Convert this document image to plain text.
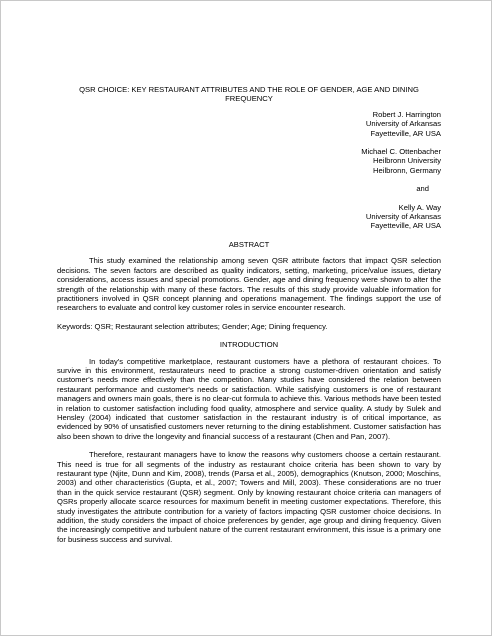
QSR CHOICE: KEY RESTAURANT ATTRIBUTES AND THE ROLE OF GENDER, AGE AND DINING FREQUENCY
Robert J. Harrington
University of Arkansas
Fayetteville, AR USA
Michael C. Ottenbacher
Heilbronn University
Heilbronn, Germany
and
Kelly A. Way
University of Arkansas
Fayetteville, AR USA
ABSTRACT

This study examined the relationship among seven QSR attribute factors that impact QSR selection decisions. The seven factors are described as quality indicators, setting, marketing, price/value issues, dietary considerations, access issues and special promotions. Gender, age and dining frequency were shown to alter the strength of the relationship with many of these factors. The results of this study provide valuable information for practitioners involved in QSR concept planning and operations management. The findings support the use of researchers to evaluate and control key customer roles in service encounter research.

Keywords: QSR; Restaurant selection attributes; Gender; Age; Dining frequency.
INTRODUCTION

In today's competitive marketplace, restaurant customers have a plethora of restaurant choices. To survive in this environment, restaurateurs need to practice a strong customer-driven orientation and satisfy customer's needs more effectively than the competition. Many studies have considered the relation between restaurant performance and customer's needs or satisfaction. While satisfying customers is one of restaurant managers and owners main goals, there is no clear-cut formula to achieve this. Various methods have been tested in relation to customer satisfaction including food quality, atmosphere and service quality. A study by Sulek and Hensley (2004) indicated that customer satisfaction in the restaurant industry is of critical importance, as evidenced by 90% of unsatisfied customers never returning to the dining establishment. Customer satisfaction has also been shown to drive the longevity and financial success of a restaurant (Chen and Pan, 2007).

Therefore, restaurant managers have to know the reasons why customers choose a certain restaurant. This need is true for all segments of the industry as restaurant choice criteria has been shown to vary by restaurant type (Njite, Dunn and Kim, 2008), trends (Parsa et al., 2005), demographics (Knutson, 2000; Moschins, 2003) and other characteristics (Gupta, et al., 2007; Towers and Mill, 2003). These considerations are no truer than in the quick service restaurant (QSR) segment. Only by knowing restaurant choice criteria can managers of QSRs properly allocate scarce resources for maximum benefit in meeting customer expectations. Therefore, this study investigates the attribute contribution for a variety of factors impacting QSR customer choice decisions. In addition, the study considers the impact of choice preferences by gender, age group and dining frequency. Given the increasingly competitive and turbulent nature of the current restaurant environment, this issue is a primary one for business success and survival.
